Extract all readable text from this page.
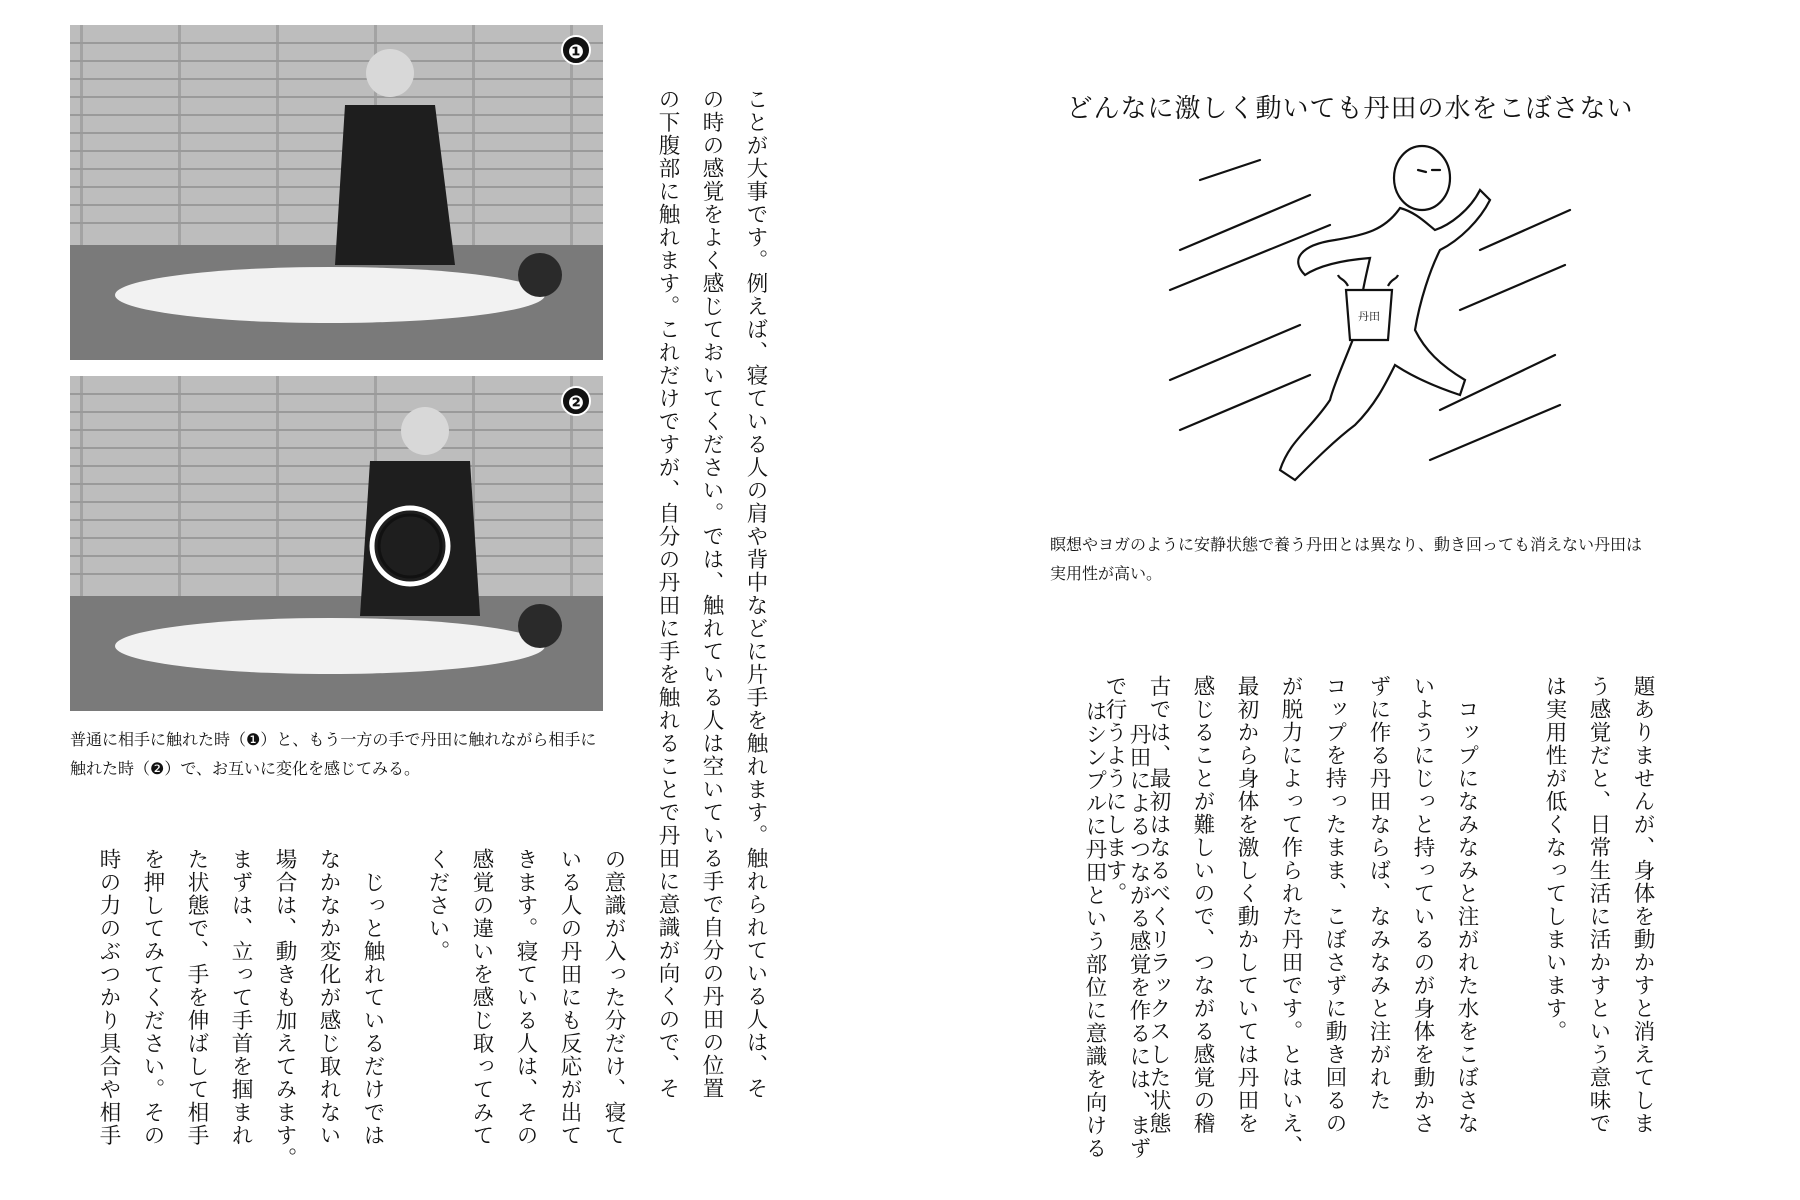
❶
❷
普通に相手に触れた時（❶）と、もう一方の手で丹田に触れながら相手に触れた時（❷）で、お互いに変化を感じてみる。	ことが大事です。例えば、寝ている人の肩や背中などに片手を触れます。触れられている人は、そ
の時の感覚をよく感じておいてください。では、触れている人は空いている手で自分の丹田の位置
の下腹部に触れます。これだけですが、自分の丹田に手を触れることで丹田に意識が向くので、そ
の意識が入った分だけ、寝て
いる人の丹田にも反応が出て
きます。寝ている人は、その
感覚の違いを感じ取ってみて
ください。
　じっと触れているだけでは
なかなか変化が感じ取れない
場合は、動きも加えてみます。
まずは、立って手首を掴まれ
た状態で、手を伸ばして相手
を押してみてください。その
時の力のぶつかり具合や相手
どんなに激しく動いても丹田の水をこぼさない
丹田
瞑想やヨガのように安静状態で養う丹田とは異なり、動き回っても消えない丹田は実用性が高い。
題ありませんが、身体を動かすと消えてしま
う感覚だと、日常生活に活かすという意味で
は実用性が低くなってしまいます。

　コップになみなみと注がれた水をこぼさな
いようにじっと持っているのが身体を動かさ
ずに作る丹田ならば、なみなみと注がれた
コップを持ったまま、こぼさずに動き回るの
が脱力によって作られた丹田です。とはいえ、
最初から身体を激しく動かしていては丹田を
感じることが難しいので、つながる感覚の稽
古では、最初はなるべくリラックスした状態
で行うようにします。 　丹田によるつながる感覚を作るには、まず
はシンプルに丹田という部位に意識を向ける
